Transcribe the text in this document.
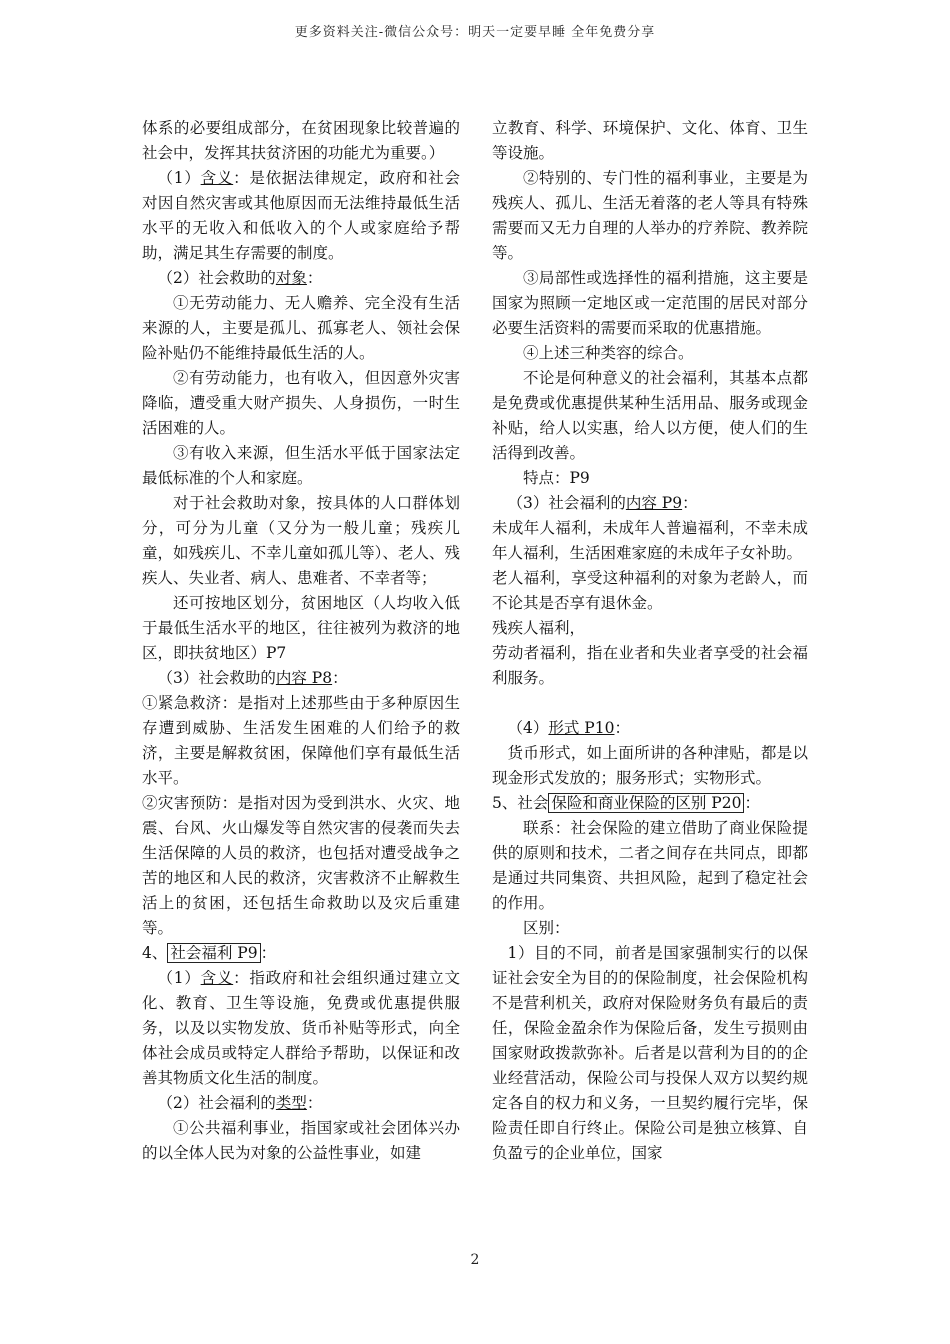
更多资料关注-微信公众号：明天一定要早睡 全年免费分享

体系的必要组成部分，在贫困现象比较普遍的社会中，发挥其扶贫济困的功能尤为重要。）

（1）含义：是依据法律规定，政府和社会对因自然灾害或其他原因而无法维持最低生活水平的无收入和低收入的个人或家庭给予帮助，满足其生存需要的制度。

（2）社会救助的对象：

①无劳动能力、无人赡养、完全没有生活来源的人，主要是孤儿、孤寡老人、领社会保险补贴仍不能维持最低生活的人。

②有劳动能力，也有收入，但因意外灾害降临，遭受重大财产损失、人身损伤，一时生活困难的人。

③有收入来源，但生活水平低于国家法定最低标准的个人和家庭。

对于社会救助对象，按具体的人口群体划分，可分为儿童（又分为一般儿童；残疾儿童，如残疾儿、不幸儿童如孤儿等）、老人、残疾人、失业者、病人、患难者、不幸者等；

还可按地区划分，贫困地区（人均收入低于最低生活水平的地区，往往被列为救济的地区，即扶贫地区）P7

（3）社会救助的内容 P8：

①紧急救济：是指对上述那些由于多种原因生存遭到威胁、生活发生困难的人们给予的救济，主要是解救贫困，保障他们享有最低生活水平。

②灾害预防：是指对因为受到洪水、火灾、地震、台风、火山爆发等自然灾害的侵袭而失去生活保障的人员的救济，也包括对遭受战争之苦的地区和人民的救济，灾害救济不止解救生活上的贫困，还包括生命救助以及灾后重建等。

4、 社会福利 P9 ：

（1）含义：指政府和社会组织通过建立文化、教育、卫生等设施，免费或优惠提供服务，以及以实物发放、货币补贴等形式，向全体社会成员或特定人群给予帮助，以保证和改善其物质文化生活的制度。

（2）社会福利的类型：

①公共福利事业，指国家或社会团体兴办的以全体人民为对象的公益性事业，如建

立教育、科学、环境保护、文化、体育、卫生等设施。

②特别的、专门性的福利事业，主要是为残疾人、孤儿、生活无着落的老人等具有特殊需要而又无力自理的人举办的疗养院、教养院等。

③局部性或选择性的福利措施，这主要是国家为照顾一定地区或一定范围的居民对部分必要生活资料的需要而采取的优惠措施。

④上述三种类容的综合。

不论是何种意义的社会福利，其基本点都是免费或优惠提供某种生活用品、服务或现金补贴，给人以实惠，给人以方便，使人们的生活得到改善。

特点：P9

（3）社会福利的内容 P9：

未成年人福利，未成年人普遍福利，不幸未成年人福利，生活困难家庭的未成年子女补助。

老人福利，享受这种福利的对象为老龄人，而不论其是否享有退休金。

残疾人福利，

劳动者福利，指在业者和失业者享受的社会福利服务。

（4）形式 P10：

货币形式，如上面所讲的各种津贴，都是以现金形式发放的；服务形式；实物形式。

5、社会 保险和商业保险的区别 P20 ：

联系：社会保险的建立借助了商业保险提供的原则和技术，二者之间存在共同点，即都是通过共同集资、共担风险，起到了稳定社会的作用。

区别：

1）目的不同，前者是国家强制实行的以保证社会安全为目的的保险制度，社会保险机构不是营利机关，政府对保险财务负有最后的责任，保险金盈余作为保险后备，发生亏损则由国家财政拨款弥补。后者是以营利为目的的企业经营活动，保险公司与投保人双方以契约规定各自的权力和义务，一旦契约履行完毕，保险责任即自行终止。保险公司是独立核算、自负盈亏的企业单位，国家

2
